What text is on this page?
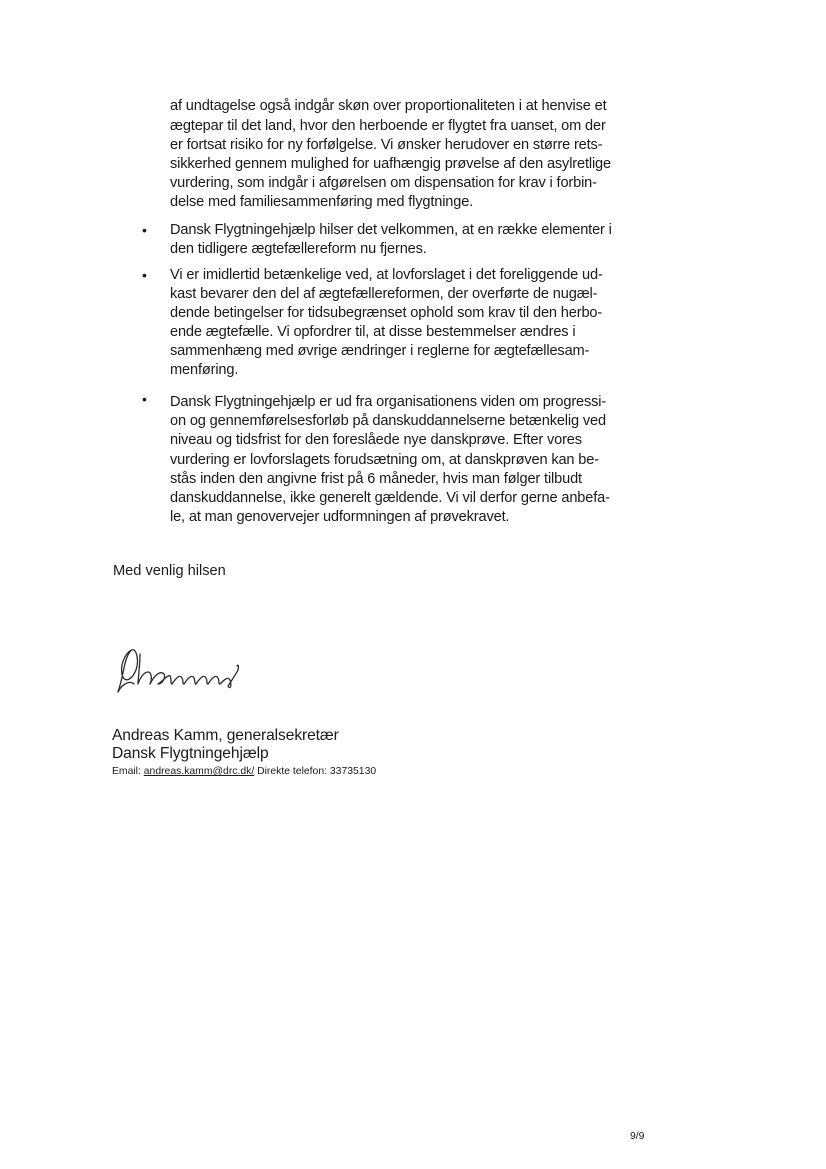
af undtagelse også indgår skøn over proportionaliteten i at henvise et
ægtepar til det land, hvor den herboende er flygtet fra uanset, om der
er fortsat risiko for ny forfølgelse. Vi ønsker herudover en større rets-
sikkerhed gennem mulighed for uafhængig prøvelse af den asylretlige
vurdering, som indgår i afgørelsen om dispensation for krav i forbin-
delse med familiesammenføring med flygtninge.
• Dansk Flygtningehjælp hilser det velkommen, at en række elementer i
den tidligere ægtefællereform nu fjernes.
• Vi er imidlertid betænkelige ved, at lovforslaget i det foreliggende ud-
kast bevarer den del af ægtefællereformen, der overførte de nugæl-
dende betingelser for tidsubegrænset ophold som krav til den herbo-
ende ægtefælle. Vi opfordrer til, at disse bestemmelser ændres i
sammenhæng med øvrige ændringer i reglerne for ægtefællesam-
menføring.
• Dansk Flygtningehjælp er ud fra organisationens viden om progressi-
on og gennemførelsesforløb på danskuddannelserne betænkelig ved
niveau og tidsfrist for den foreslåede nye danskprøve. Efter vores
vurdering er lovforslagets forudsætning om, at danskprøven kan be-
stås inden den angivne frist på 6 måneder, hvis man følger tilbudt
danskuddannelse, ikke generelt gældende. Vi vil derfor gerne anbefa-
le, at man genovervejer udformningen af prøvekravet.
Med venlig hilsen
Andreas Kamm, generalsekretær
Dansk Flygtningehjælp
Email: andreas.kamm@drc.dk/ Direkte telefon: 33735130
9/9
